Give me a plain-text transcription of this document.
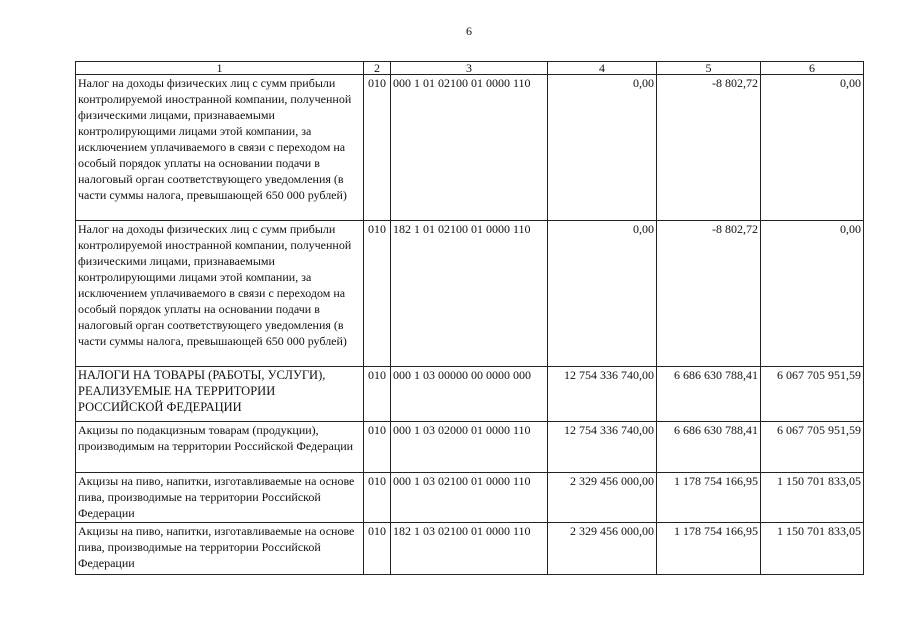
6
1	2	3	4	5	6
Налог на доходы физических лиц с сумм прибыли контролируемой иностранной компании, полученной физическими лицами, признаваемыми контролирующими лицами этой компании, за исключением уплачиваемого в связи с переходом на особый порядок уплаты на основании подачи в налоговый орган соответствующего уведомления (в части суммы налога, превышающей 650 000 рублей)	010	000 1 01 02100 01 0000 110	0,00	-8 802,72	0,00
Налог на доходы физических лиц с сумм прибыли контролируемой иностранной компании, полученной физическими лицами, признаваемыми контролирующими лицами этой компании, за исключением уплачиваемого в связи с переходом на особый порядок уплаты на основании подачи в налоговый орган соответствующего уведомления (в части суммы налога, превышающей 650 000 рублей)	010	182 1 01 02100 01 0000 110	0,00	-8 802,72	0,00
НАЛОГИ НА ТОВАРЫ (РАБОТЫ, УСЛУГИ), РЕАЛИЗУЕМЫЕ НА ТЕРРИТОРИИ РОССИЙСКОЙ ФЕДЕРАЦИИ	010	000 1 03 00000 00 0000 000	12 754 336 740,00	6 686 630 788,41	6 067 705 951,59
Акцизы по подакцизным товарам (продукции), производимым на территории Российской Федерации	010	000 1 03 02000 01 0000 110	12 754 336 740,00	6 686 630 788,41	6 067 705 951,59
Акцизы на пиво, напитки, изготавливаемые на основе пива, производимые на территории Российской Федерации	010	000 1 03 02100 01 0000 110	2 329 456 000,00	1 178 754 166,95	1 150 701 833,05
Акцизы на пиво, напитки, изготавливаемые на основе пива, производимые на территории Российской Федерации	010	182 1 03 02100 01 0000 110	2 329 456 000,00	1 178 754 166,95	1 150 701 833,05
